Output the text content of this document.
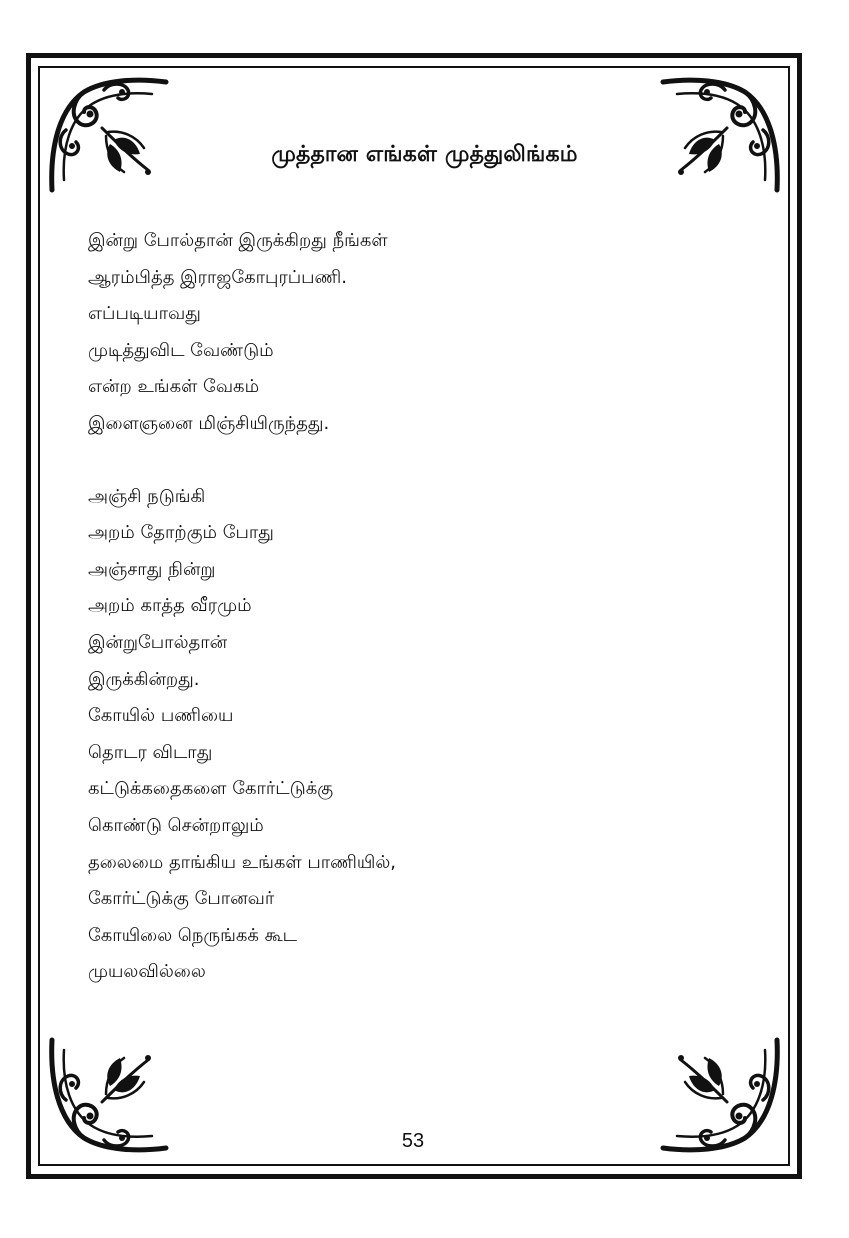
முத்தான எங்கள் முத்துலிங்கம்
இன்று போல்தான் இருக்கிறது நீங்கள்
ஆரம்பித்த இராஜகோபுரப்பணி.
எப்படியாவது
முடித்துவிட வேண்டும்
என்ற உங்கள் வேகம்
இளைஞனை மிஞ்சியிருந்தது.
அஞ்சி நடுங்கி
அறம் தோற்கும் போது
அஞ்சாது நின்று
அறம் காத்த வீரமும்
இன்றுபோல்தான்
இருக்கின்றது.
கோயில் பணியை
தொடர விடாது
கட்டுக்கதைகளை கோர்ட்டுக்கு
கொண்டு சென்றாலும்
தலைமை தாங்கிய உங்கள் பாணியில்,
கோர்ட்டுக்கு போனவர்
கோயிலை நெருங்கக் கூட
முயலவில்லை
53
